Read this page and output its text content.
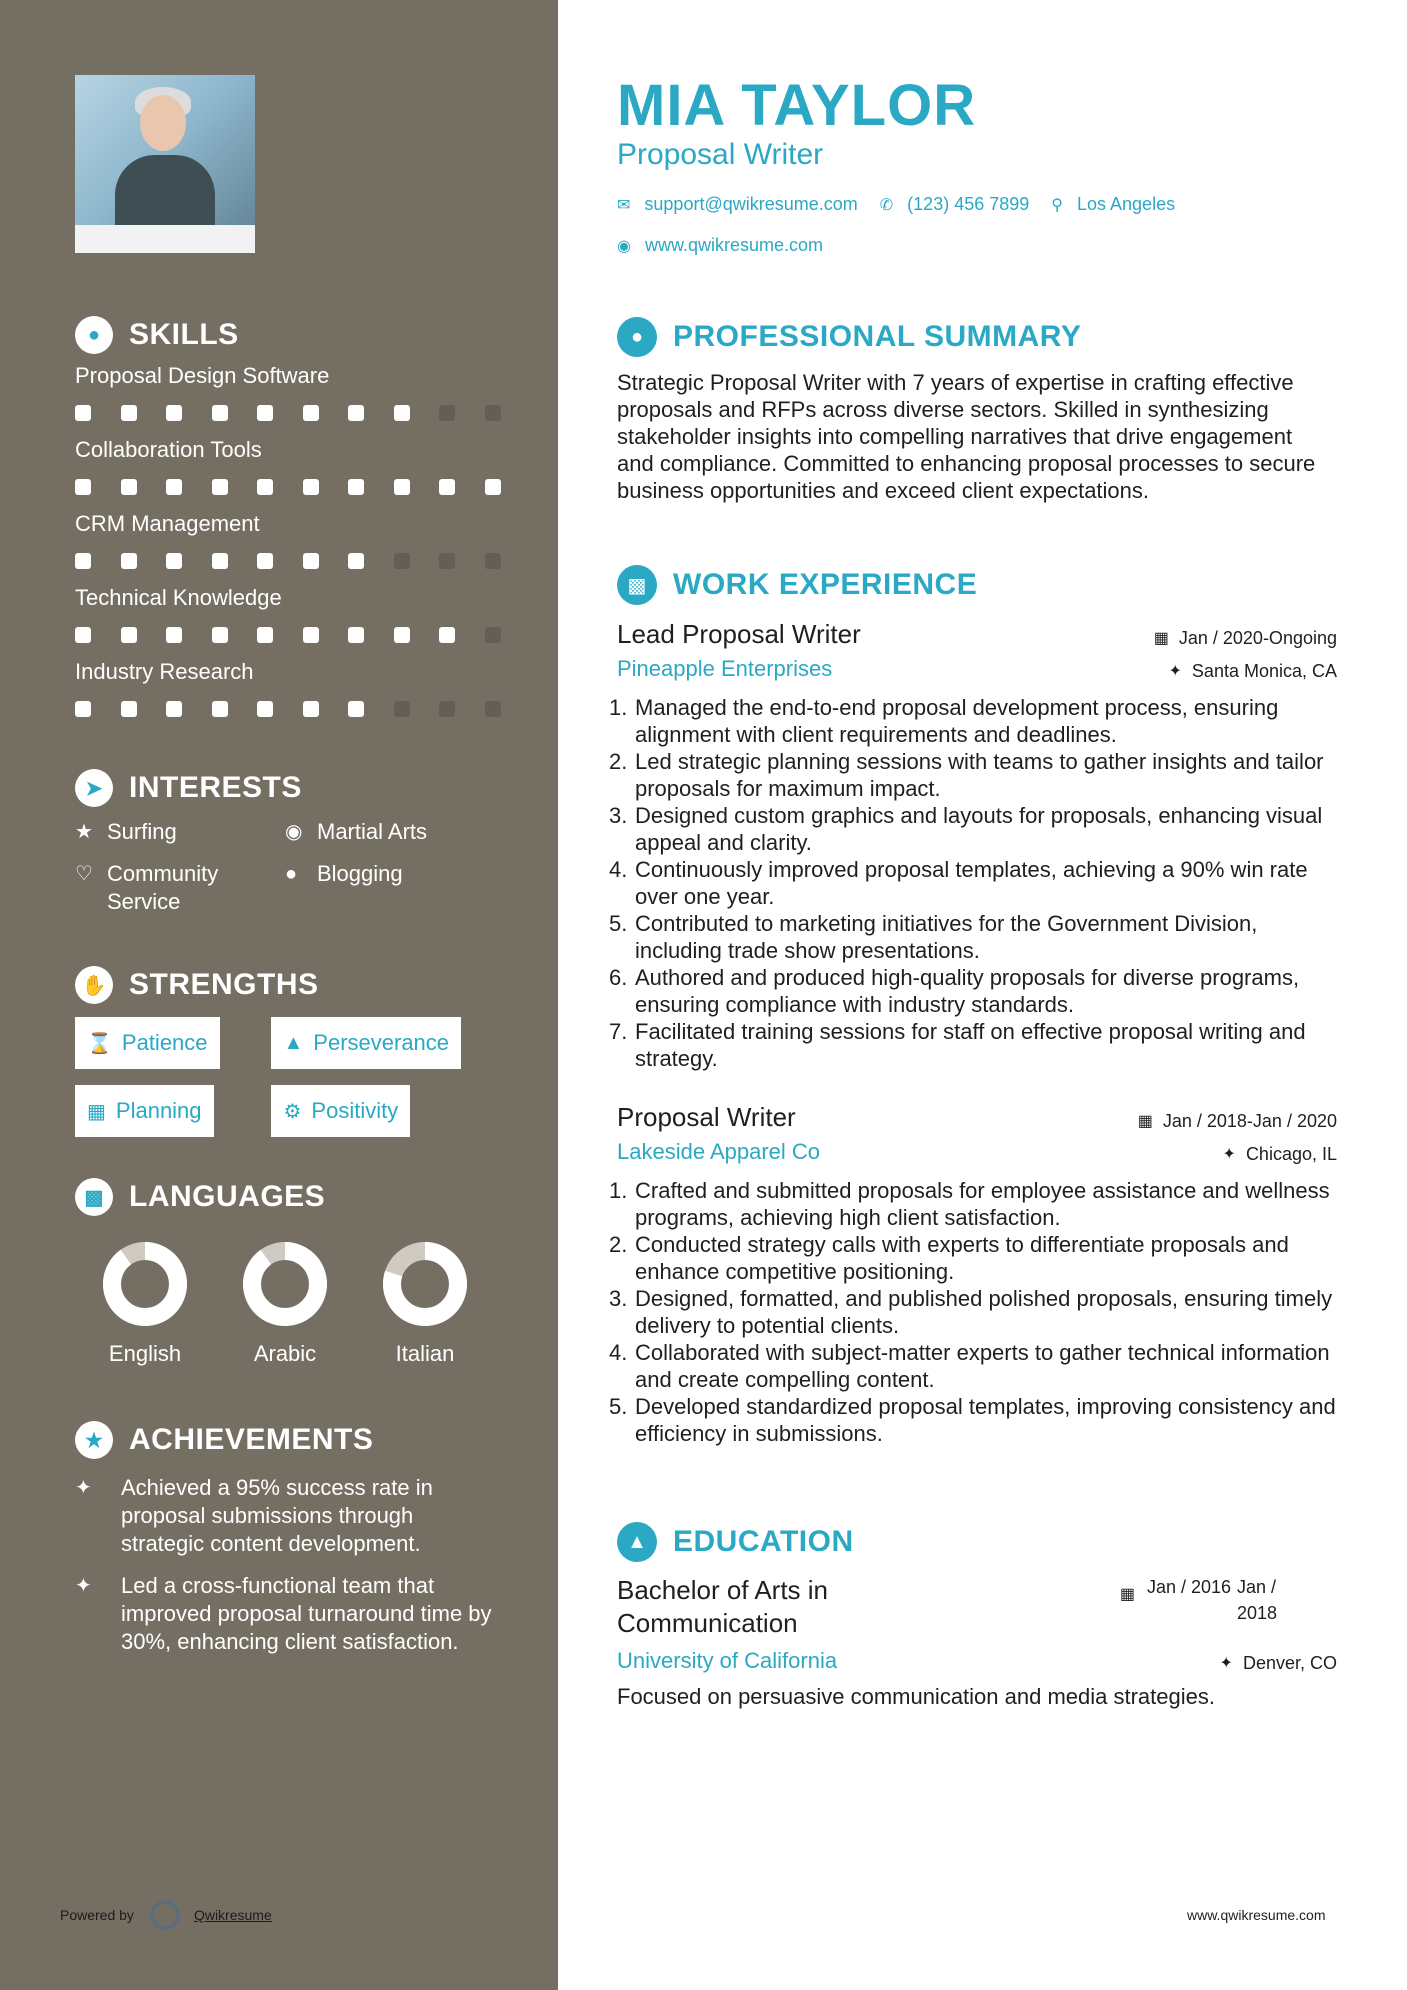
● SKILLS
Proposal Design Software
Collaboration Tools
CRM Management
Technical Knowledge
Industry Research
➤ INTERESTS
★ Surfing	◉ Martial Arts
♡ Community Service
● Blogging
✋ STRENGTHS
⌛ Patience	▲ Perseverance
▦ Planning	⚙ Positivity
▩ LANGUAGES
English	Arabic	Italian
★ ACHIEVEMENTS
✦	Achieved a 95% success rate in proposal submissions through strategic content development.
✦	Led a cross-functional team that improved proposal turnaround time by 30%, enhancing client satisfaction.
Powered by	Qwikresume
MIA TAYLOR
Proposal Writer
✉ support@qwikresume.com ✆ (123) 456 7899 ⚲ Los Angeles
◉ www.qwikresume.com
● PROFESSIONAL SUMMARY
Strategic Proposal Writer with 7 years of expertise in crafting effective proposals and RFPs across diverse sectors. Skilled in synthesizing stakeholder insights into compelling narratives that drive engagement and compliance. Committed to enhancing proposal processes to secure business opportunities and exceed client expectations.
▩ WORK EXPERIENCE
Lead Proposal Writer	▦ Jan / 2020-Ongoing
Pineapple Enterprises	✦ Santa Monica, CA
1. Managed the end-to-end proposal development process, ensuring alignment with client requirements and deadlines.
2. Led strategic planning sessions with teams to gather insights and tailor proposals for maximum impact.
3. Designed custom graphics and layouts for proposals, enhancing visual appeal and clarity.
4. Continuously improved proposal templates, achieving a 90% win rate over one year.
5. Contributed to marketing initiatives for the Government Division, including trade show presentations.
6. Authored and produced high-quality proposals for diverse programs, ensuring compliance with industry standards.
7. Facilitated training sessions for staff on effective proposal writing and strategy.
Proposal Writer	▦ Jan / 2018-Jan / 2020
Lakeside Apparel Co	✦ Chicago, IL
1. Crafted and submitted proposals for employee assistance and wellness programs, achieving high client satisfaction.
2. Conducted strategy calls with experts to differentiate proposals and enhance competitive positioning.
3. Designed, formatted, and published polished proposals, ensuring timely delivery to potential clients.
4. Collaborated with subject-matter experts to gather technical information and create compelling content.
5. Developed standardized proposal templates, improving consistency and efficiency in submissions.
▲ EDUCATION
Bachelor of Arts in Communication
▦ Jan / 2016 Jan / 2018
University of California	✦ Denver, CO
Focused on persuasive communication and media strategies.
www.qwikresume.com
